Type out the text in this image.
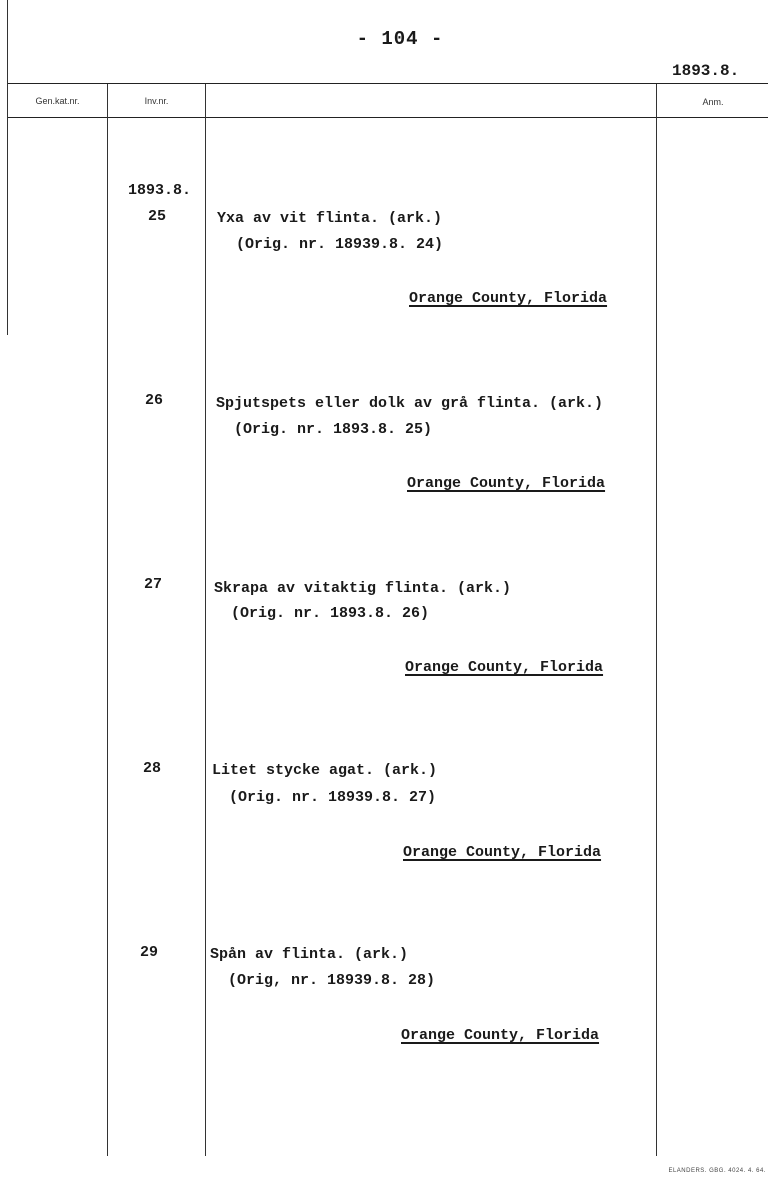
- 104 -
1893.8.
Gen.kat.nr.	Inv.nr.	Anm.
1893.8.
25	Yxa av vit flinta. (ark.)
(Orig. nr. 18939.8. 24)
Orange County, Florida
26	Spjutspets eller dolk av grå flinta. (ark.)
(Orig. nr. 1893.8. 25)
Orange County, Florida
27	Skrapa av vitaktig flinta. (ark.)
(Orig. nr. 1893.8. 26)
Orange County, Florida
28	Litet stycke agat. (ark.)
(Orig. nr. 18939.8. 27)
Orange County, Florida
29	Spån av flinta. (ark.)
(Orig, nr. 18939.8. 28)
Orange County, Florida
ELANDERS. GBG. 4024. 4. 64.
